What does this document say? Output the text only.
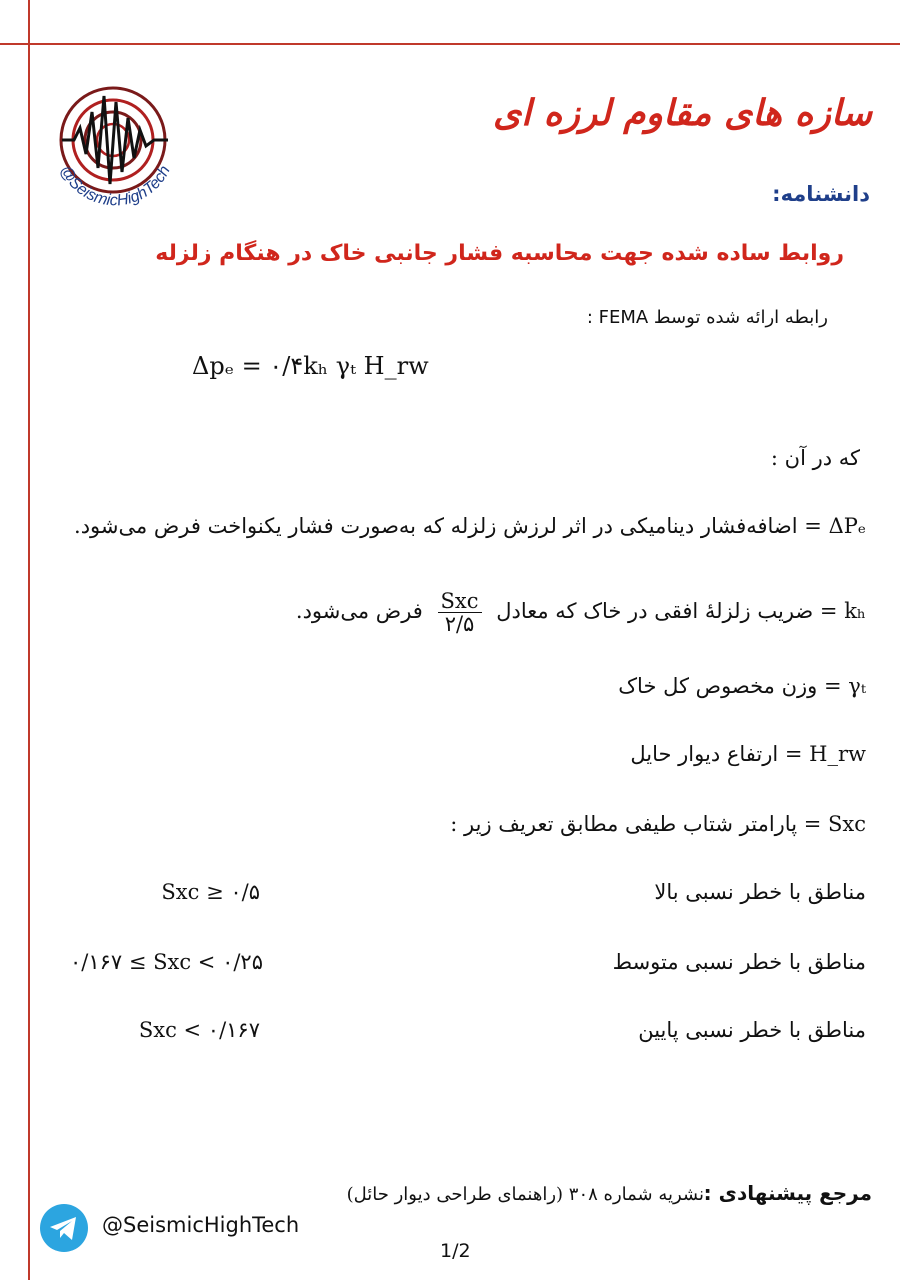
@SeismicHighTech
سازه های مقاوم لرزه ای
دانشنامه:
روابط ساده شده جهت محاسبه فشار جانبی خاک در هنگام زلزله
رابطه ارائه شده توسط FEMA :
Δpₑ = ۰/۴kₕ γₜ H_rw
که در آن :
ΔPₑ = اضافه‌فشار دینامیکی در اثر لرزش زلزله که به‌صورت فشار یکنواخت فرض می‌شود.
kₕ = ضریب زلزلهٔ افقی در خاک که معادل
$\frac{\text{Sxc}}{۲/۵}$
فرض می‌شود.
γₜ = وزن مخصوص کل خاک
H_rw = ارتفاع دیوار حایل
Sxc = پارامتر شتاب طیفی مطابق تعریف زیر :
مناطق با خطر نسبی بالا
Sxc ≥ ۰/۵
مناطق با خطر نسبی متوسط
۰/۱۶۷ ≤ Sxc < ۰/۲۵
مناطق با خطر نسبی پایین
Sxc < ۰/۱۶۷
مرجع پیشنهادی :
نشریه شماره ۳۰۸ (راهنمای طراحی دیوار حائل)
@SeismicHighTech
1/2
